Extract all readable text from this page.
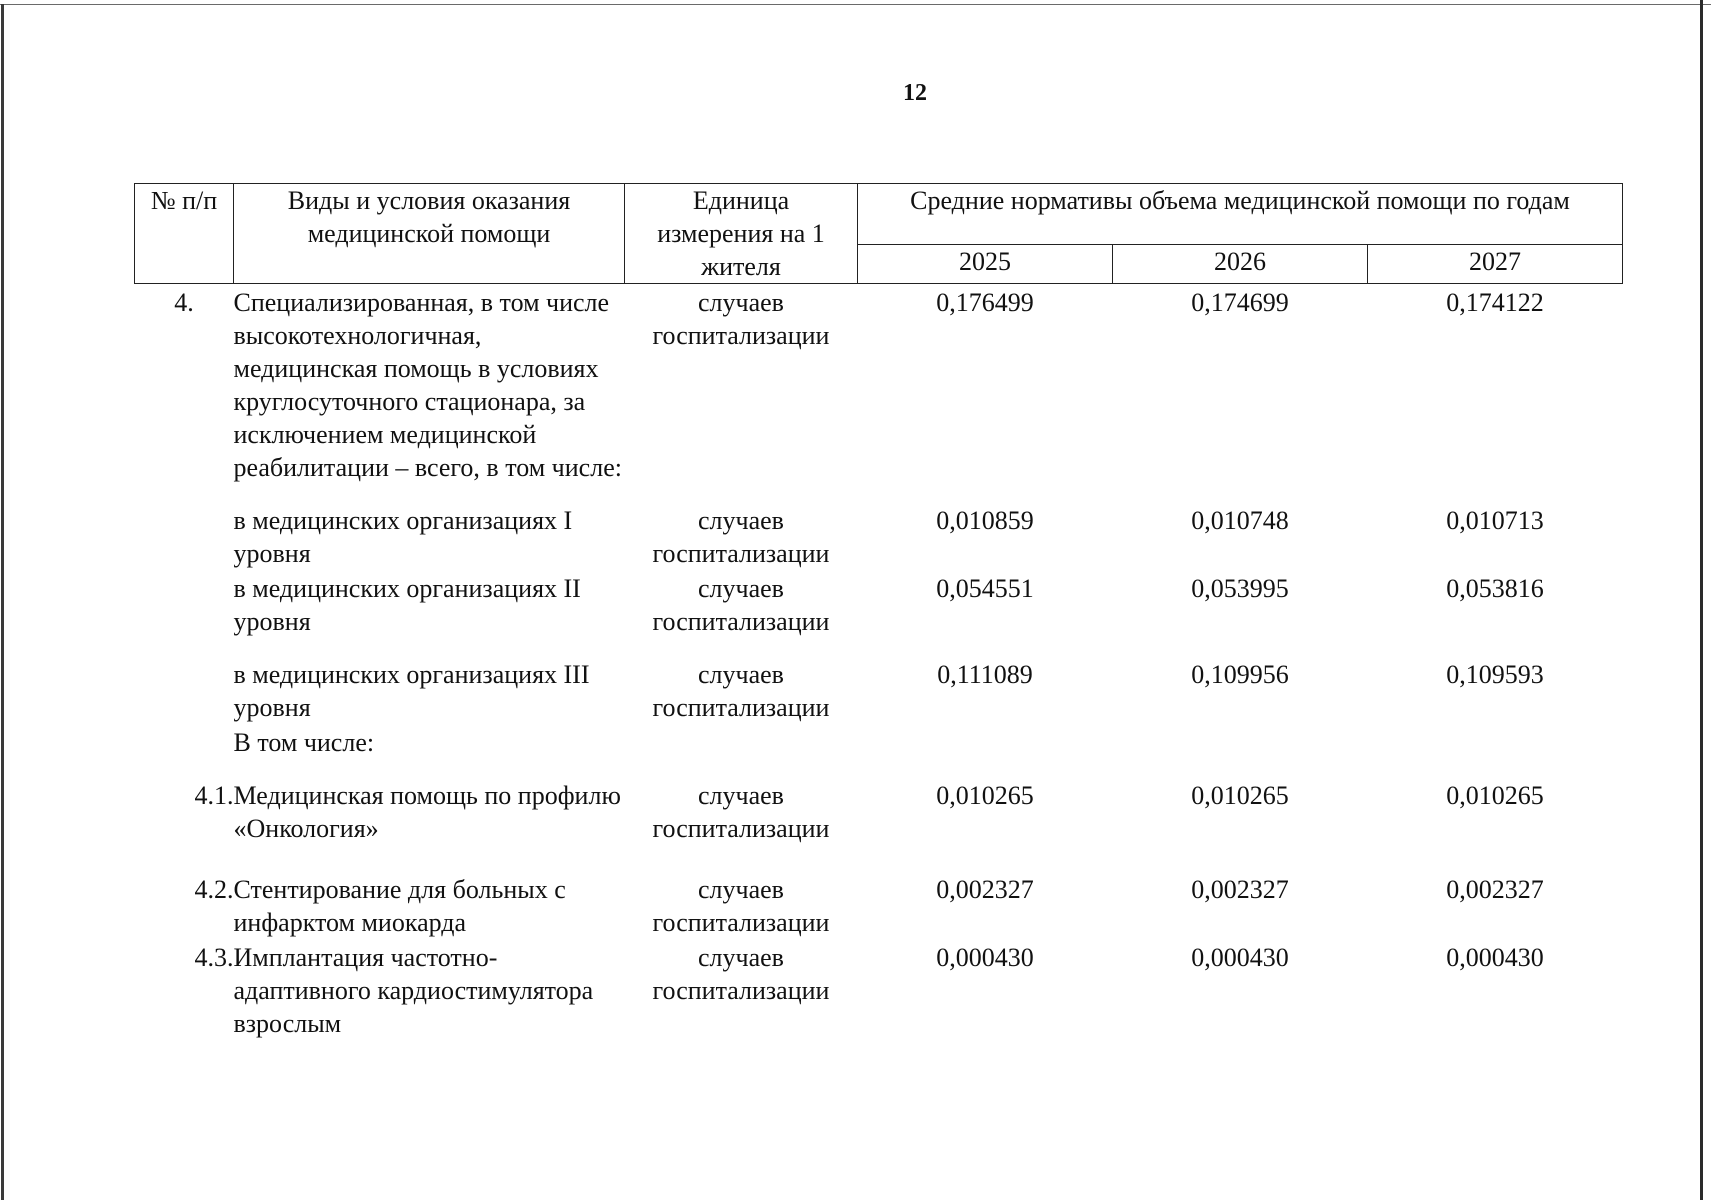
12
№ п/п	Виды и условия оказания медицинской помощи	Единица измерения на 1 жителя	Средние нормативы объема медицинской помощи по годам		
			2025	2026	2027
4.	Специализированная, в том числе высокотехнологичная, медицинская помощь в условиях круглосуточного стационара, за исключением медицинской реабилитации – всего, в том числе:	случаев госпитализации	0,176499	0,174699	0,174122
	в медицинских организациях I уровня	случаев госпитализации	0,010859	0,010748	0,010713
	в медицинских организациях II уровня	случаев госпитализации	0,054551	0,053995	0,053816
	в медицинских организациях III уровня	случаев госпитализации	0,111089	0,109956	0,109593
	В том числе:				
4.1.	Медицинская помощь по профилю «Онкология»	случаев госпитализации	0,010265	0,010265	0,010265
4.2.	Стентирование для больных с инфарктом миокарда	случаев госпитализации	0,002327	0,002327	0,002327
4.3.	Имплантация частотно-адаптивного кардиостимулятора взрослым	случаев госпитализации	0,000430	0,000430	0,000430
